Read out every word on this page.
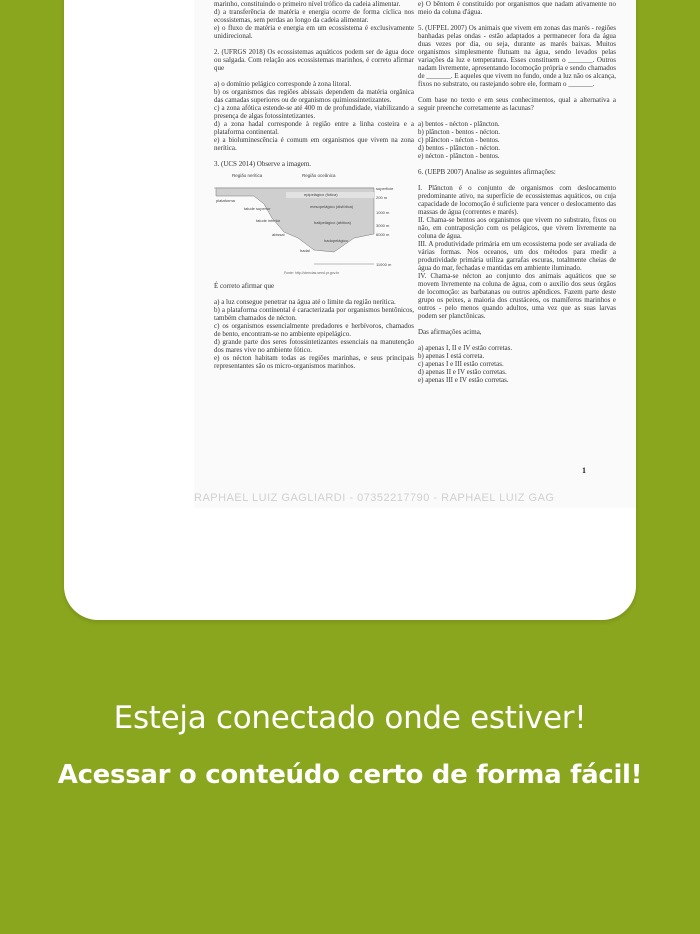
marinho, constituindo o primeiro nível trófico da cadeia alimentar.

d) a transferência de matéria e energia ocorre de forma cíclica nos ecossistemas, sem perdas ao longo da cadeia alimentar.

e) o fluxo de matéria e energia em um ecossistema é exclusivamente unidirecional.

2. (UFRGS 2018) Os ecossistemas aquáticos podem ser de água doce ou salgada. Com relação aos ecossistemas marinhos, é correto afirmar que

a) o domínio pelágico corresponde à zona litoral.

b) os organismos das regiões abissais dependem da matéria orgânica das camadas superiores ou de organismos quimiossintetizantes.

c) a zona afótica estende-se até 400 m de profundidade, viabilizando a presença de algas fotossintetizantes.

d) a zona hadal corresponde à região entre a linha costeira e a plataforma continental.

e) a bioluminescência é comum em organismos que vivem na zona nerítica.

3. (UCS 2014) Observe a imagem.

Região nerítica	Região oceânica
superfície
epipelágico (fótica)
200 m
plataforma
talude superior	mesopelágico (disfótica)
1000 m
talude inferior	batipelágico (afótica)
3000 m
abissal	6000 m
hadopelágico
hadal
11000 m
Fonte: http://ciencias.seed.pr.gov.br

É correto afirmar que

a) a luz consegue penetrar na água até o limite da região nerítica.

b) a plataforma continental é caracterizada por organismos bentônicos, também chamados de nécton.

c) os organismos essencialmente predadores e herbívoros, chamados de bento, encontram-se no ambiente epipelágico.

d) grande parte dos seres fotossintetizantes essenciais na manutenção dos mares vive no ambiente fótico.

e) os nécton habitam todas as regiões marinhas, e seus principais representantes são os micro-organismos marinhos.

e) O bêntom é constituído por organismos que nadam ativamente no meio da coluna d'água.

5. (UFPEL 2007) Os animais que vivem em zonas das marés - regiões banhadas pelas ondas - estão adaptados a permanecer fora da água duas vezes por dia, ou seja, durante as marés baixas. Muitos organismos simplesmente flutuam na água, sendo levados pelas variações da luz e temperatura. Esses constituem o _______. Outros nadam livremente, apresentando locomoção própria e sendo chamados de _______. E aqueles que vivem no fundo, onde a luz não os alcança, fixos no substrato, ou rastejando sobre ele, formam o _______.

Com base no texto e em seus conhecimentos, qual a alternativa a seguir preenche corretamente as lacunas?

a) bentos - nécton - plâncton.

b) plâncton - bentos - nécton.

c) plâncton - nécton - bentos.

d) bentos - plâncton - nécton.

e) nécton - plâncton - bentos.

6. (UEPB 2007) Analise as seguintes afirmações:

I. Plâncton é o conjunto de organismos com deslocamento predominante ativo, na superfície de ecossistemas aquáticos, ou cuja capacidade de locomoção é suficiente para vencer o deslocamento das massas de água (correntes e marés).

II. Chama-se bentos aos organismos que vivem no substrato, fixos ou não, em contraposição com os pelágicos, que vivem livremente na coluna de água.

III. A produtividade primária em um ecossistema pode ser avaliada de várias formas. Nos oceanos, um dos métodos para medir a produtividade primária utiliza garrafas escuras, totalmente cheias de água do mar, fechadas e mantidas em ambiente iluminado.

IV. Chama-se nécton ao conjunto dos animais aquáticos que se movem livremente na coluna de água, com o auxílio dos seus órgãos de locomoção: as barbatanas ou outros apêndices. Fazem parte deste grupo os peixes, a maioria dos crustáceos, os mamíferos marinhos e outros - pelo menos quando adultos, uma vez que as suas larvas podem ser planctônicas.

Das afirmações acima,

a) apenas I, II e IV estão corretas.

b) apenas I está correta.

c) apenas I e III estão corretas.

d) apenas II e IV estão corretas.

e) apenas III e IV estão corretas.

1
RAPHAEL LUIZ GAGLIARDI - 07352217790 - RAPHAEL LUIZ GAG
Esteja conectado onde estiver!
Acessar o conteúdo certo de forma fácil!
